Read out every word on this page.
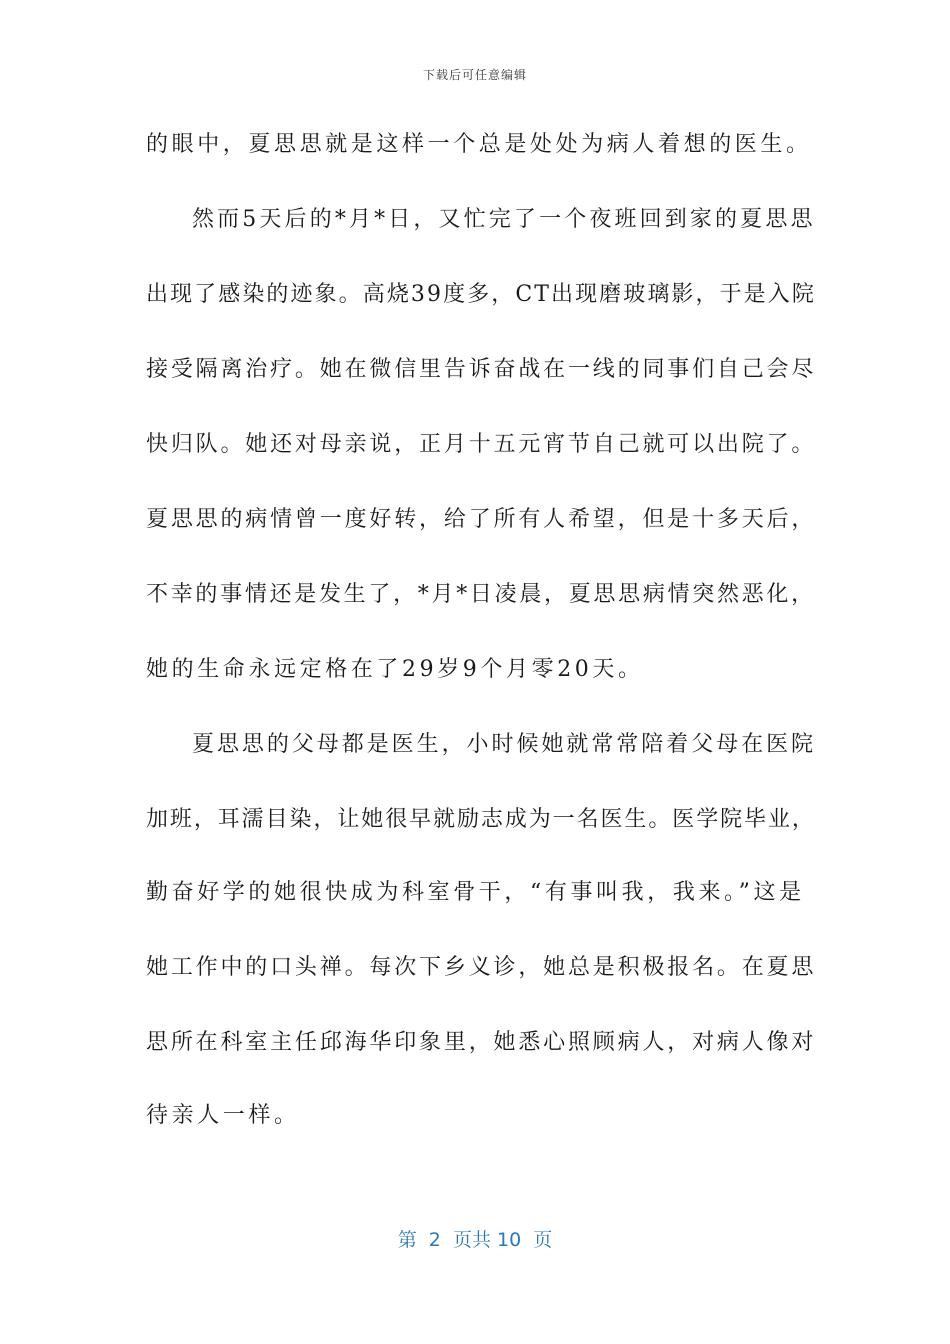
下载后可任意编辑
的眼中，夏思思就是这样一个总是处处为病人着想的医生。
然而5天后的*月*日，又忙完了一个夜班回到家的夏思思
出现了感染的迹象。高烧39度多，CT出现磨玻璃影，于是入院
接受隔离治疗。她在微信里告诉奋战在一线的同事们自己会尽
快归队。她还对母亲说，正月十五元宵节自己就可以出院了。
夏思思的病情曾一度好转，给了所有人希望，但是十多天后，
不幸的事情还是发生了，*月*日凌晨，夏思思病情突然恶化，
她的生命永远定格在了29岁9个月零20天。
夏思思的父母都是医生，小时候她就常常陪着父母在医院
加班，耳濡目染，让她很早就励志成为一名医生。医学院毕业，
勤奋好学的她很快成为科室骨干，“有事叫我，我来。”这是
她工作中的口头禅。每次下乡义诊，她总是积极报名。在夏思
思所在科室主任邱海华印象里，她悉心照顾病人，对病人像对
待亲人一样。
第  2  页共 10  页
